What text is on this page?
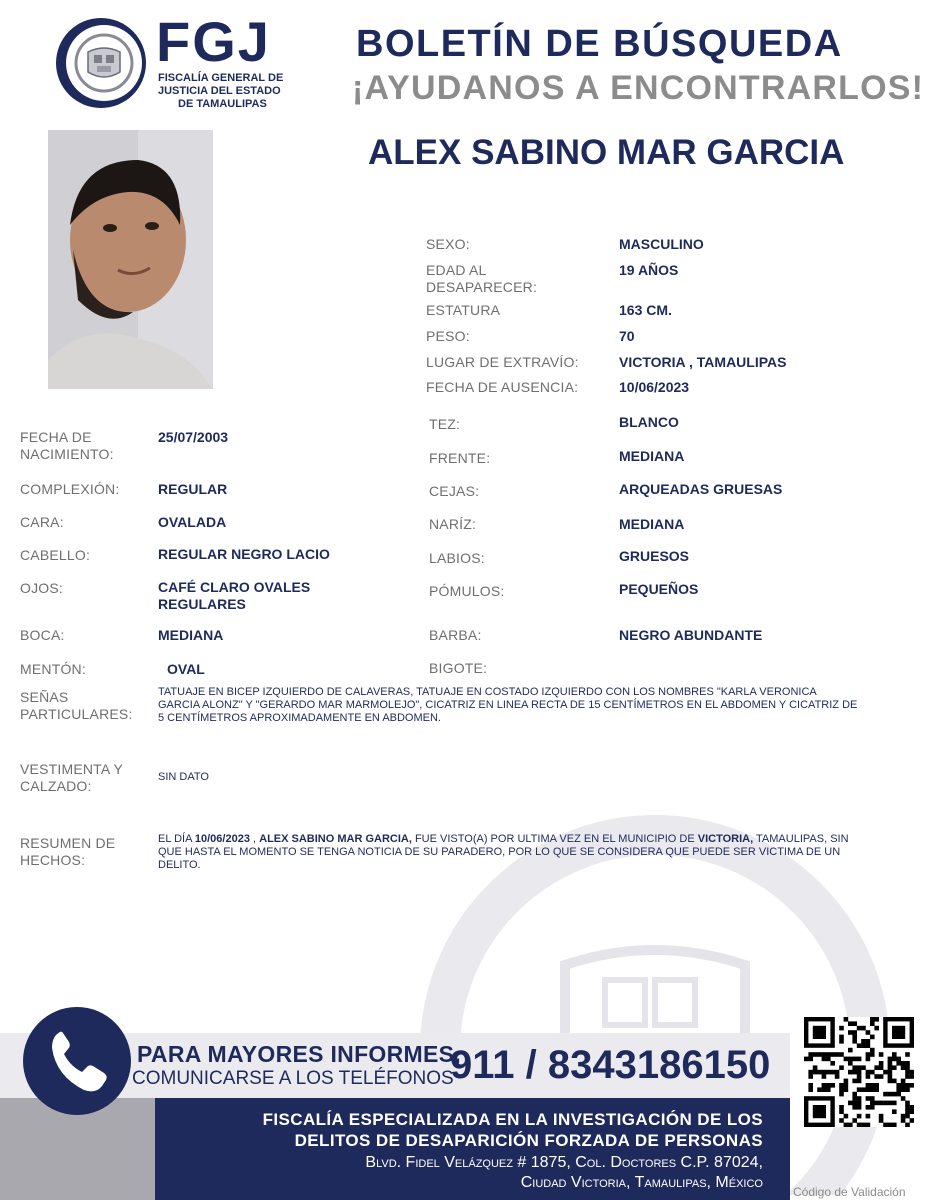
FGJ
FISCALÍA GENERAL DE
JUSTICIA DEL ESTADO
DE TAMAULIPAS
BOLETÍN DE BÚSQUEDA
¡AYUDANOS A ENCONTRARLOS!
ALEX SABINO MAR GARCIA
SEXO:	MASCULINO
EDAD AL DESAPARECER:
19 AÑOS
ESTATURA	163 CM.
PESO:	70
LUGAR DE EXTRAVÍO:	VICTORIA , TAMAULIPAS
FECHA DE AUSENCIA:	10/06/2023
TEZ:	BLANCO
FRENTE:	MEDIANA
CEJAS:	ARQUEADAS GRUESAS
NARÍZ:	MEDIANA
LABIOS:	GRUESOS
PÓMULOS:	PEQUEÑOS
BARBA:	NEGRO ABUNDANTE
BIGOTE:
FECHA DE NACIMIENTO:
25/07/2003
COMPLEXIÓN:	REGULAR
CARA:	OVALADA
CABELLO:	REGULAR NEGRO LACIO
OJOS:	CAFÉ CLARO OVALES REGULARES
BOCA:	MEDIANA
MENTÓN:	OVAL
SEÑAS PARTICULARES:
TATUAJE EN BICEP IZQUIERDO DE CALAVERAS, TATUAJE EN COSTADO IZQUIERDO CON LOS NOMBRES "KARLA VERONICA GARCIA ALONZ" Y "GERARDO MAR MARMOLEJO", CICATRIZ EN LINEA RECTA DE 15 CENTÍMETROS EN EL ABDOMEN Y CICATRIZ DE 5 CENTÍMETROS APROXIMADAMENTE EN ABDOMEN.
VESTIMENTA Y CALZADO:
SIN DATO
RESUMEN DE HECHOS:
EL DÍA 10/06/2023 , ALEX SABINO MAR GARCIA, FUE VISTO(A) POR ULTIMA VEZ EN EL MUNICIPIO DE VICTORIA, TAMAULIPAS, SIN QUE HASTA EL MOMENTO SE TENGA NOTICIA DE SU PARADERO, POR LO QUE SE CONSIDERA QUE PUEDE SER VICTIMA DE UN DELITO.
PARA MAYORES INFORMES,
COMUNICARSE A LOS TELÉFONOS
911 / 8343186150
FISCALÍA ESPECIALIZADA EN LA INVESTIGACIÓN DE LOS
DELITOS DE DESAPARICIÓN FORZADA DE PERSONAS
Blvd. Fidel Velázquez # 1875, Col. Doctores C.P. 87024,
Ciudad Victoria, Tamaulipas, México
Código de Validación
